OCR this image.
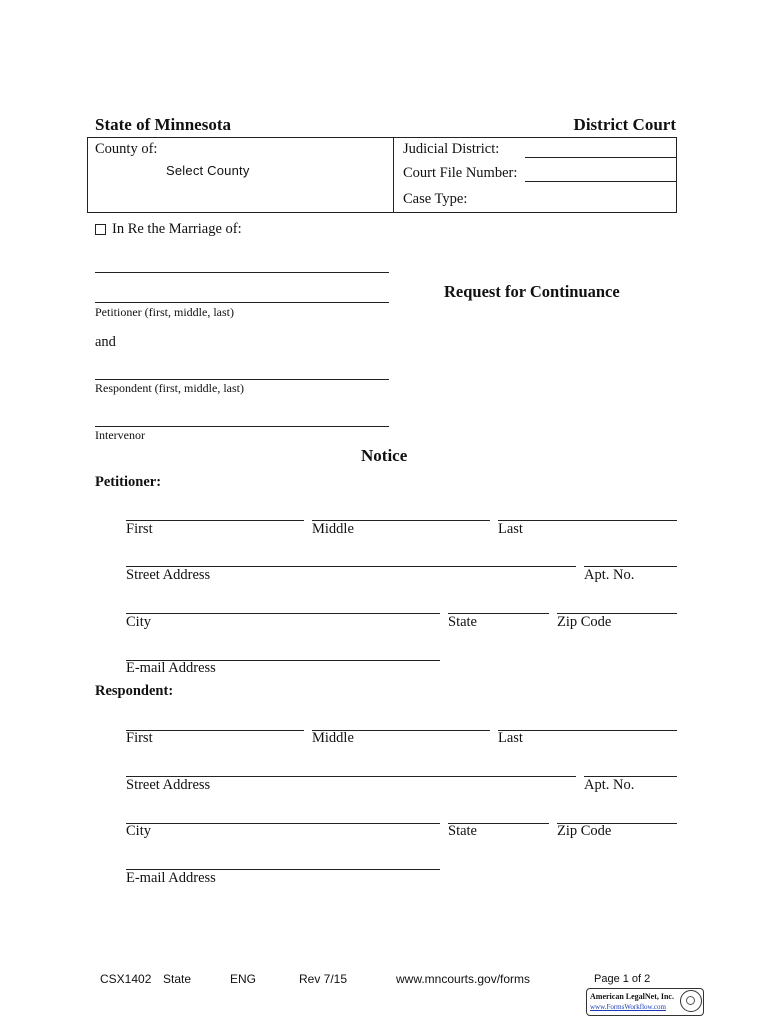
State of Minnesota	District Court
County of:
Select County
Judicial District:
Court File Number:
Case Type:
In Re the Marriage of:
Petitioner (first, middle, last)
and
Respondent (first, middle, last)
Intervenor
Request for Continuance
Notice
Petitioner:
First	Middle	Last
Street Address	Apt. No.
City	State	Zip Code
E-mail Address
Respondent:
First	Middle	Last
Street Address	Apt. No.
City	State	Zip Code
E-mail Address
CSX1402 State	ENG	Rev 7/15	www.mncourts.gov/forms	Page 1 of 2
American LegalNet, Inc.
www.FormsWorkflow.com
